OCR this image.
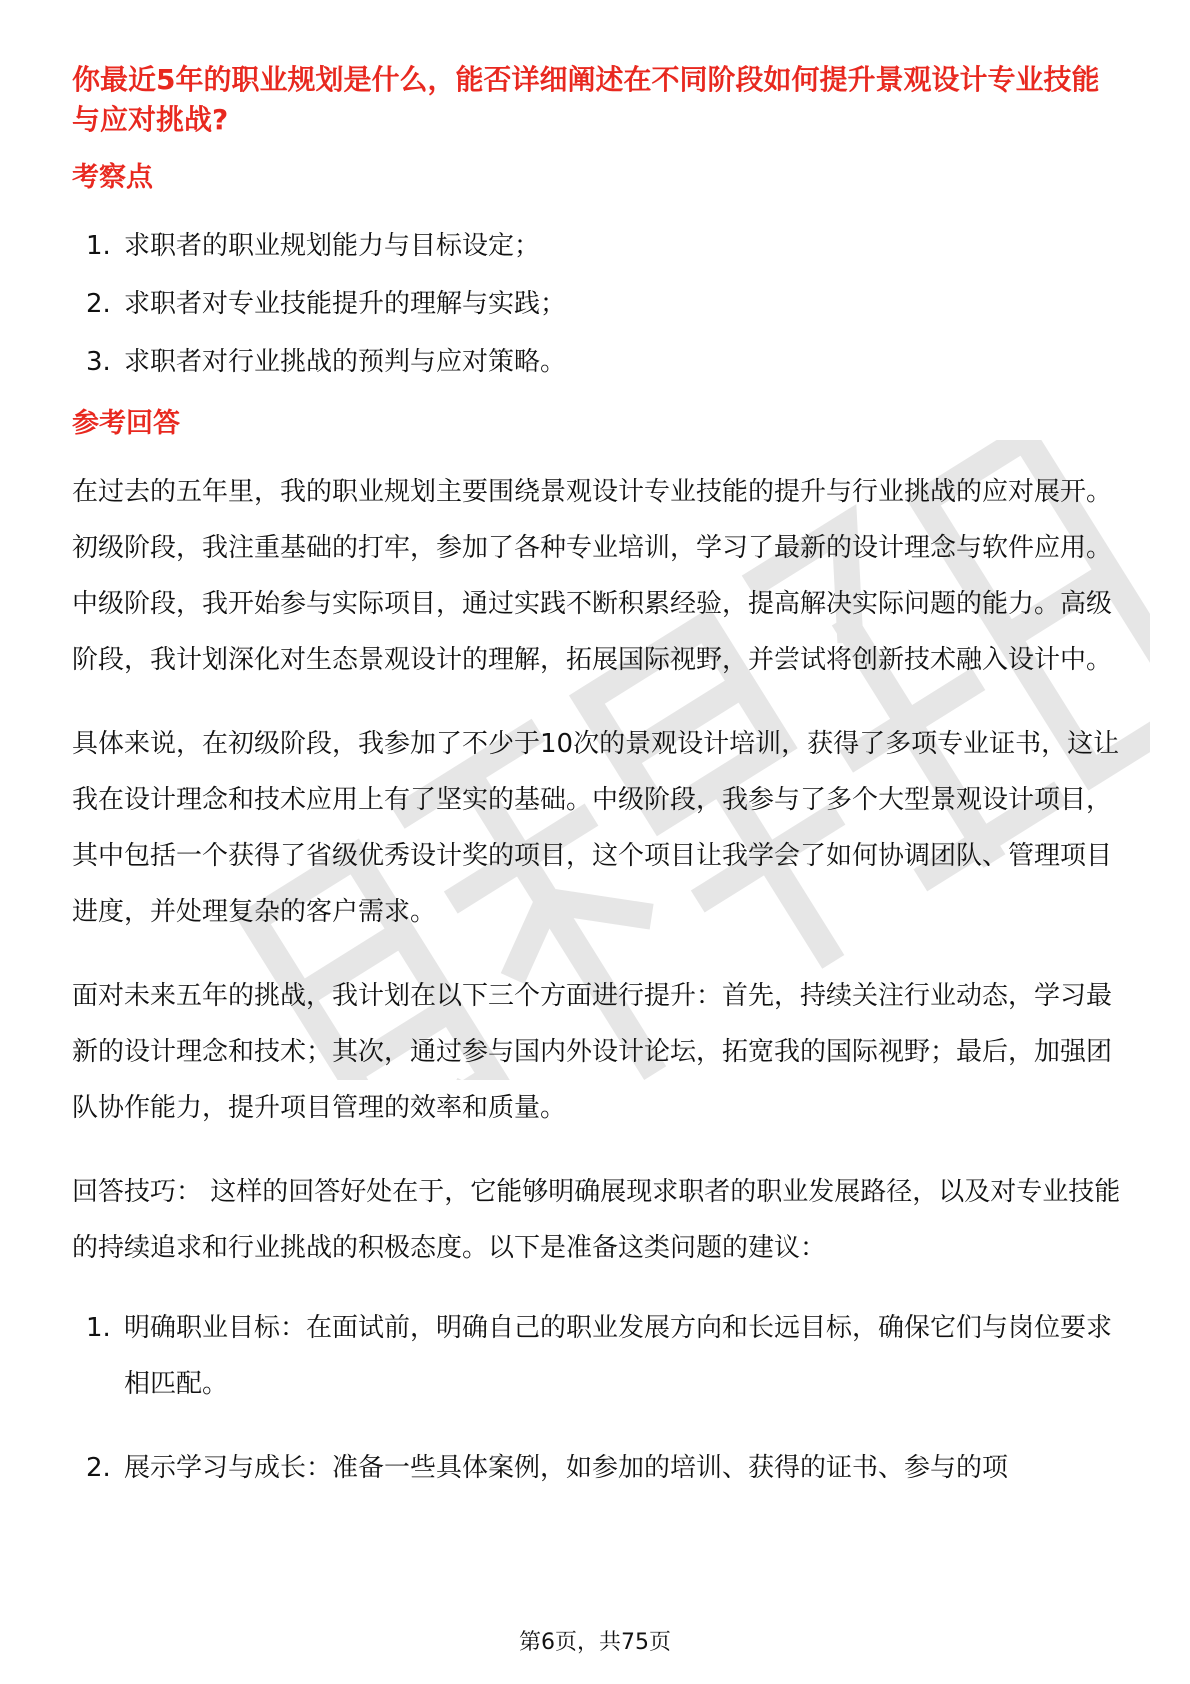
你最近5年的职业规划是什么，能否详细阐述在不同阶段如何提升景观设计专业技能与应对挑战?
考察点
1. 求职者的职业规划能力与目标设定；
2. 求职者对专业技能提升的理解与实践；
3. 求职者对行业挑战的预判与应对策略。
参考回答

在过去的五年里，我的职业规划主要围绕景观设计专业技能的提升与行业挑战的应对展开。初级阶段，我注重基础的打牢，参加了各种专业培训，学习了最新的设计理念与软件应用。中级阶段，我开始参与实际项目，通过实践不断积累经验，提高解决实际问题的能力。高级阶段，我计划深化对生态景观设计的理解，拓展国际视野，并尝试将创新技术融入设计中。

具体来说，在初级阶段，我参加了不少于10次的景观设计培训，获得了多项专业证书，这让我在设计理念和技术应用上有了坚实的基础。中级阶段，我参与了多个大型景观设计项目，其中包括一个获得了省级优秀设计奖的项目，这个项目让我学会了如何协调团队、管理项目进度，并处理复杂的客户需求。

面对未来五年的挑战，我计划在以下三个方面进行提升：首先，持续关注行业动态，学习最新的设计理念和技术；其次，通过参与国内外设计论坛，拓宽我的国际视野；最后，加强团队协作能力，提升项目管理的效率和质量。

回答技巧： 这样的回答好处在于，它能够明确展现求职者的职业发展路径，以及对专业技能的持续追求和行业挑战的积极态度。以下是准备这类问题的建议：

1. 明确职业目标：在面试前，明确自己的职业发展方向和长远目标，确保它们与岗位要求相匹配。
2. 展示学习与成长：准备一些具体案例，如参加的培训、获得的证书、参与的项
第6页，共75页
